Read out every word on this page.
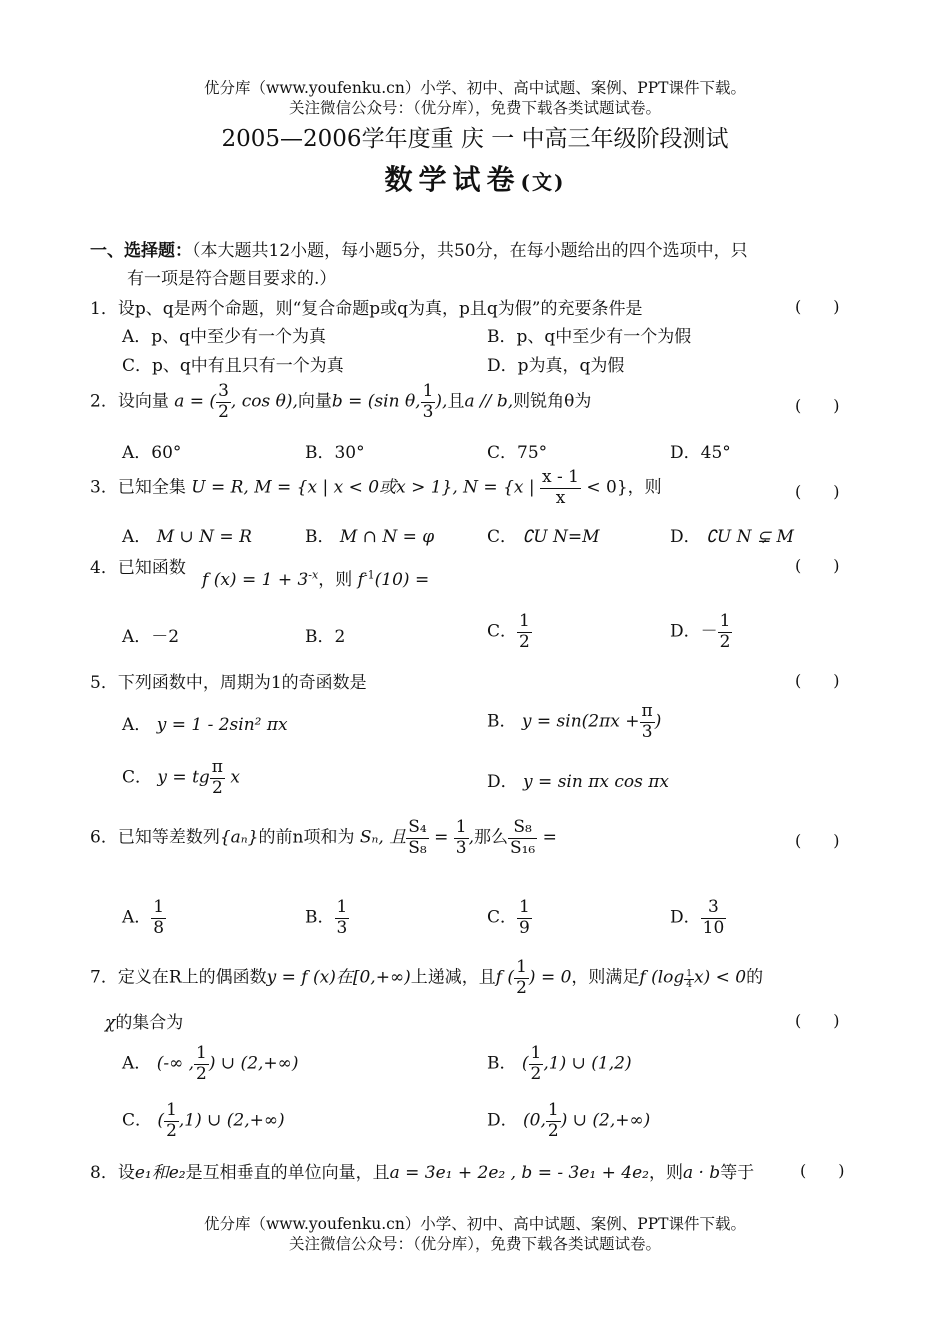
优分库（www.youfenku.cn）小学、初中、高中试题、案例、PPT课件下载。
关注微信公众号：（优分库），免费下载各类试题试卷。
2005—2006学年度重 庆 一 中高三年级阶段测试
数学试卷(文)
一、选择题：（本大题共12小题，每小题5分，共50分，在每小题给出的四个选项中，只
有一项是符合题目要求的.）
1．设p、q是两个命题，则“复合命题p或q为真，p且q为假”的充要条件是	(　　)
A．p、q中至少有一个为真	B．p、q中至少有一个为假
C．p、q中有且只有一个为真	D．p为真，q为假
2．设向量 a = ( $\frac{3}{2}$ , cos θ),向量b = (sin θ, $\frac{1}{3}$ ),且a // b,则锐角θ为	(　　)
A．60°	B．30°	C．75°	D．45°
3．已知全集 U = R, M = {x | x < 0或x > 1}, N = {x | $\frac{x - 1}{x} < 0$}，则	(　　)
A． M ∪ N = R	B． M ∩ N = φ	C． ∁U N=M	D． ∁U N ⊊ M
4．已知函数
f $(x) = 1 + 3^{-x}$，则 $f^{-1}(10)$ =
(　　)
A．－2	B．2	C． $\frac{1}{2}$	D．－ $\frac{1}{2}$
5．下列函数中，周期为1的奇函数是	(　　)
A． y = 1 - 2sin² πx	B． $y = \sin(2\pi x + \frac{\pi}{3}$ )
C． y = tg $\frac{\pi}{2}$ x	D． y = sin πx cos πx
6．已知等差数列{aₙ}的前n项和为 Sₙ, 且 $\frac{\text{S₄}}{\text{S₈}} = \frac{1}{3}$ ,那么 $\frac{\text{S₈}}{\text{S₁₆}}$ =	(　　)
A． $\frac{1}{8}$	B． $\frac{1}{3}$	C． $\frac{1}{9}$	D． $\frac{3}{10}$
7．定义在R上的偶函数y = f (x)在[0,+∞)上递减，且f ( $\frac{1}{2}$ ) = 0，则满足f $(\log \frac{1}{4} x) < 0$的
χ的集合为	(　　)
A． (-∞ , $\frac{1}{2}$ ) ∪ (2,+∞)	B． ( $\frac{1}{2} ,1$) ∪ (1,2)
C． ( $\frac{1}{2} ,1$) ∪ (2,+∞)	D． (0, $\frac{1}{2}$ ) ∪ (2,+∞)
8．设e₁和e₂是互相垂直的单位向量，且a = 3e₁ + 2e₂ , b = - 3e₁ + 4e₂，则a · b等于	(　　)
优分库（www.youfenku.cn）小学、初中、高中试题、案例、PPT课件下载。
关注微信公众号：（优分库），免费下载各类试题试卷。
